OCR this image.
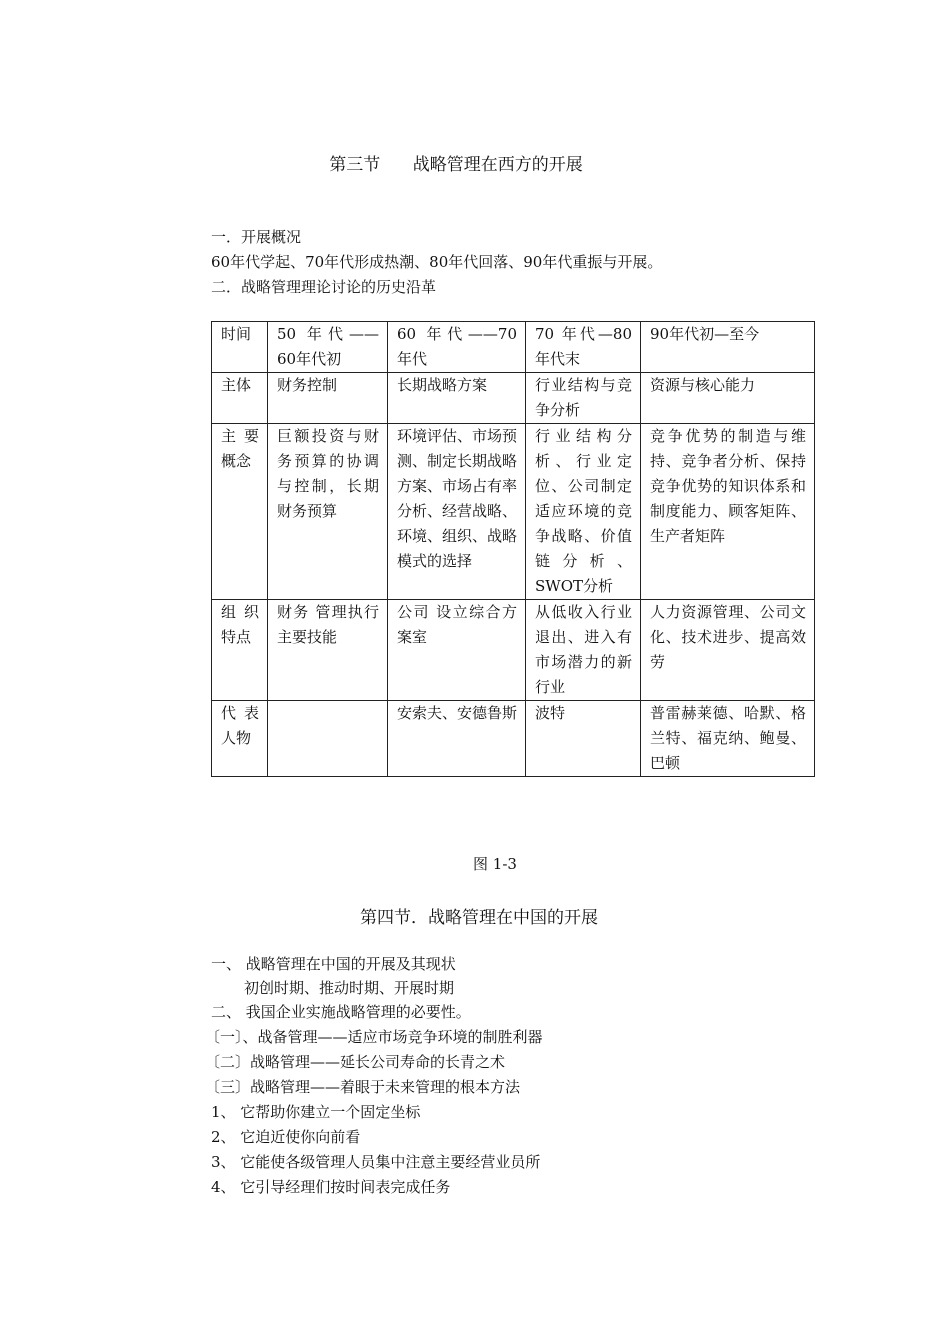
第三节      战略管理在西方的开展
一．开展概况
60年代学起、70年代形成热潮、80年代回落、90年代重振与开展。
二．战略管理理论讨论的历史沿革
时间	50 年代——60年代初	60 年代——70 年代	70 年代—80 年代末	90年代初—至今
主体	财务控制	长期战略方案	行业结构与竞争分析	资源与核心能力
主 要概念	巨额投资与财务预算的协调与控制，长期财务预算	环境评估、市场预测、制定长期战略方案、市场占有率分析、经营战略、环境、组织、战略模式的选择	行业结构分析、行业定位、公司制定适应环境的竞争战略、价值链分析、SWOT分析	竞争优势的制造与维持、竞争者分析、保持竞争优势的知识体系和制度能力、顾客矩阵、生产者矩阵
组 织特点	财务 管理执行主要技能	公司 设立综合方案室	从低收入行业退出、进入有市场潜力的新行业	人力资源管理、公司文化、技术进步、提高效劳
代 表人物		安索夫、安德鲁斯	波特	普雷赫莱德、哈默、格兰特、福克纳、鲍曼、巴顿
图 1-3
第四节．战略管理在中国的开展
一、 战略管理在中国的开展及其现状
初创时期、推动时期、开展时期
二、 我国企业实施战略管理的必要性。
〔一〕、战备管理——适应市场竞争环境的制胜利器
〔二〕战略管理——延长公司寿命的长青之术
〔三〕战略管理——着眼于未来管理的根本方法
1、 它帮助你建立一个固定坐标
2、 它迫近使你向前看
3、 它能使各级管理人员集中注意主要经营业员所
4、 它引导经理们按时间表完成任务
